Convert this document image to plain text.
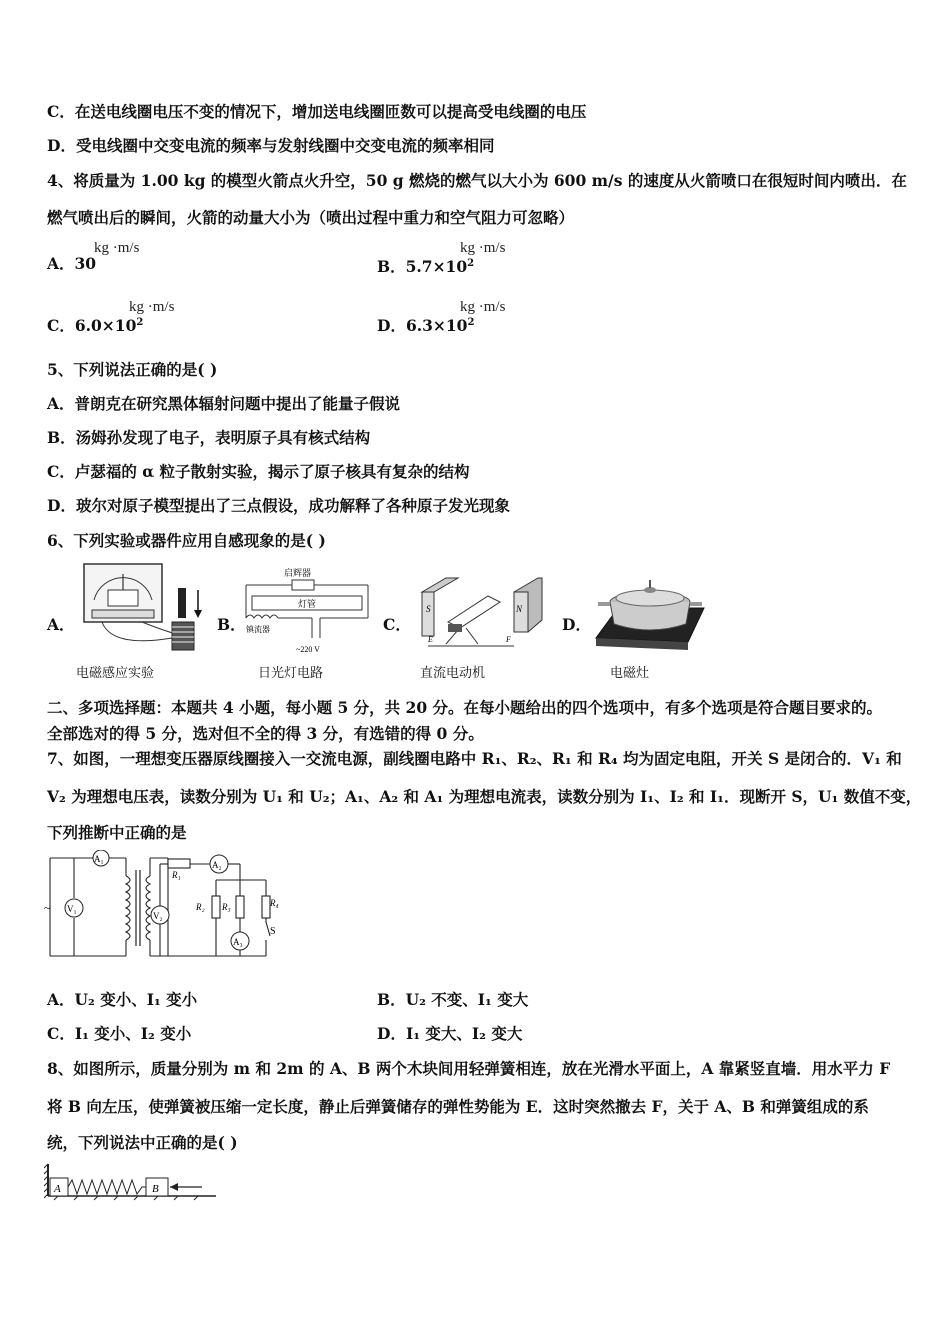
C．在送电线圈电压不变的情况下，增加送电线圈匝数可以提高受电线圈的电压
D．受电线圈中交变电流的频率与发射线圈中交变电流的频率相同
4、将质量为 1.00 kg 的模型火箭点火升空，50 g 燃烧的燃气以大小为 600 m/s 的速度从火箭喷口在很短时间内喷出．在
燃气喷出后的瞬间，火箭的动量大小为（喷出过程中重力和空气阻力可忽略）
A．30
kg ·m/s
B．$5.7\times 10^2$
kg ·m/s
C．$6.0\times 10^2$
kg ·m/s
D．$6.3\times 10^2$
kg ·m/s
5、下列说法正确的是( )
A．普朗克在研究黑体辐射问题中提出了能量子假说
B．汤姆孙发现了电子，表明原子具有核式结构
C．卢瑟福的 α 粒子散射实验，揭示了原子核具有复杂的结构
D．玻尔对原子模型提出了三点假设，成功解释了各种原子发光现象
6、下列实验或器件应用自感现象的是( )
A．
电磁感应实验
B．
启辉器
灯管
镇流器
~220 V
日光灯电路
C．
S	N
E	F
直流电动机
D．
电磁灶
二、多项选择题：本题共 4 小题，每小题 5 分，共 20 分。在每小题给出的四个选项中，有多个选项是符合题目要求的。
全部选对的得 5 分，选对但不全的得 3 分，有选错的得 0 分。
7、如图，一理想变压器原线圈接入一交流电源，副线圈电路中 R₁、R₂、R₁ 和 R₄ 均为固定电阻，开关 S 是闭合的．V₁ 和
V₂ 为理想电压表，读数分别为 U₁ 和 U₂；A₁、A₂ 和 A₁ 为理想电流表，读数分别为 I₁、I₂ 和 I₁．现断开 S，U₁ 数值不变，
下列推断中正确的是
A₁
V₁
V₂
R₁
A₂
R₂ R₃	R₄
A₃
S
~
A．U₂ 变小、I₁ 变小	B．U₂ 不变、I₁ 变大
C．I₁ 变小、I₂ 变小	D．I₁ 变大、I₂ 变大
8、如图所示，质量分别为 m 和 2m 的 A、B 两个木块间用轻弹簧相连，放在光滑水平面上，A 靠紧竖直墙．用水平力 F
将 B 向左压，使弹簧被压缩一定长度，静止后弹簧储存的弹性势能为 E．这时突然撤去 F，关于 A、B 和弹簧组成的系
统，下列说法中正确的是( )
A	B
